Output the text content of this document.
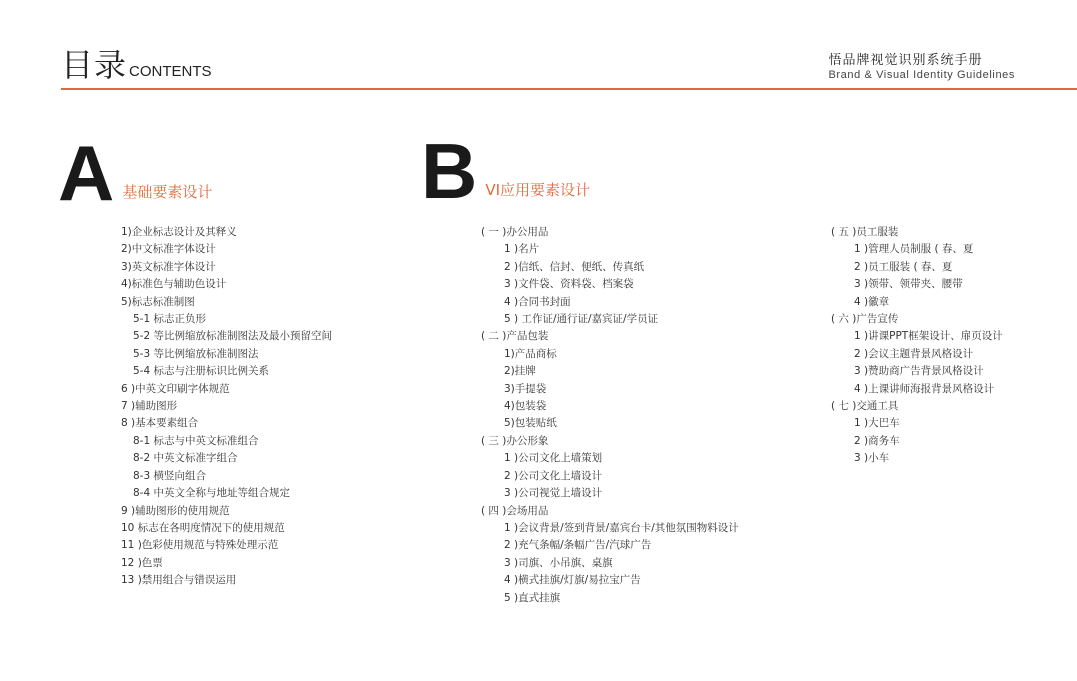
目录 CONTENTS
悟品牌视觉识别系统手册
Brand & Visual Identity Guidelines
A 基础要素设计	B VI应用要素设计
1)企业标志设计及其释义
2)中文标准字体设计
3)英文标准字体设计
4)标准色与辅助色设计
5)标志标准制图
5-1 标志正负形
5-2 等比例缩放标准制图法及最小预留空间
5-3 等比例缩放标准制图法
5-4 标志与注册标识比例关系
6 )中英文印刷字体规范
7 )辅助图形
8 )基本要素组合
8-1 标志与中英文标准组合
8-2 中英文标准字组合
8-3 横竖向组合
8-4 中英文全称与地址等组合规定
9 )辅助图形的使用规范
10 标志在各明度情况下的使用规范
11 )色彩使用规范与特殊处理示范
12 )色票
13 )禁用组合与错误运用
( 一 )办公用品
1 )名片
2 )信纸、信封、便纸、传真纸
3 )文件袋、资料袋、档案袋
4 )合同书封面
5 ) 工作证/通行证/嘉宾证/学员证
( 二 )产品包装
1)产品商标
2)挂牌
3)手提袋
4)包装袋
5)包装贴纸
( 三 )办公形象
1 )公司文化上墙策划
2 )公司文化上墙设计
3 )公司视觉上墙设计
( 四 )会场用品
1 )会议背景/签到背景/嘉宾台卡/其他氛围物料设计
2 )充气条幅/条幅广告/汽球广告
3 )司旗、小吊旗、桌旗
4 )横式挂旗/灯旗/易拉宝广告
5 )直式挂旗
( 五 )员工服装
1 )管理人员制服 ( 春、夏
2 )员工服装 ( 春、夏
3 )领带、领带夹、腰带
4 )徽章
( 六 )广告宣传
1 )讲课PPT框架设计、扉页设计
2 )会议主题背景风格设计
3 )赞助商广告背景风格设计
4 )上课讲师海报背景风格设计
( 七 )交通工具
1 )大巴车
2 )商务车
3 )小车
